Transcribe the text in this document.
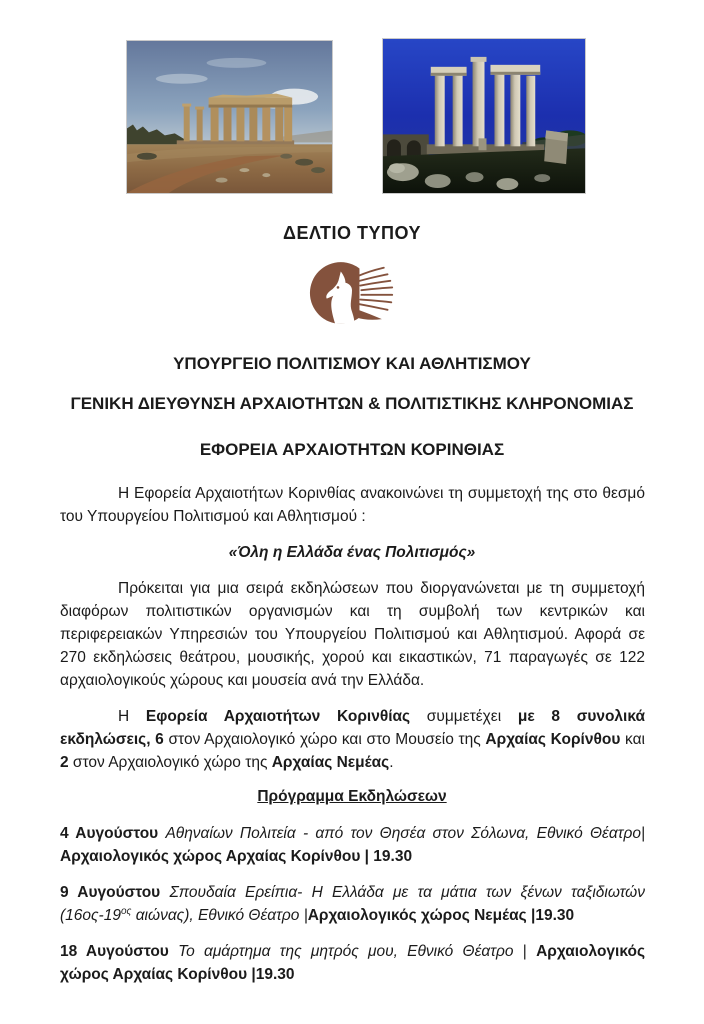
ΔΕΛΤΙΟ ΤΥΠΟΥ
ΥΠΟΥΡΓΕΙΟ ΠΟΛΙΤΙΣΜΟΥ ΚΑΙ ΑΘΛΗΤΙΣΜΟΥ
ΓΕΝΙΚΗ ΔΙΕΥΘΥΝΣΗ ΑΡΧΑΙΟΤΗΤΩΝ & ΠΟΛΙΤΙΣΤΙΚΗΣ ΚΛΗΡΟΝΟΜΙΑΣ
ΕΦΟΡΕΙΑ ΑΡΧΑΙΟΤΗΤΩΝ ΚΟΡΙΝΘΙΑΣ

Η Εφορεία Αρχαιοτήτων Κορινθίας ανακοινώνει τη συμμετοχή της στο θεσμό του Υπουργείου Πολιτισμού και Αθλητισμού :

«Όλη η Ελλάδα ένας Πολιτισμός»

Πρόκειται για μια σειρά εκδηλώσεων που διοργανώνεται με τη συμμετοχή διαφόρων πολιτιστικών οργανισμών και τη συμβολή των κεντρικών και περιφερειακών Υπηρεσιών του Υπουργείου Πολιτισμού και Αθλητισμού. Αφορά σε 270 εκδηλώσεις θεάτρου, μουσικής, χορού και εικαστικών, 71 παραγωγές σε 122 αρχαιολογικούς χώρους και μουσεία ανά την Ελλάδα.

Η Εφορεία Αρχαιοτήτων Κορινθίας συμμετέχει με 8 συνολικά εκδηλώσεις, 6 στον Αρχαιολογικό χώρο και στο Μουσείο της Αρχαίας Κορίνθου και 2 στον Αρχαιολογικό χώρο της Αρχαίας Νεμέας.

Πρόγραμμα Εκδηλώσεων

4 Αυγούστου Αθηναίων Πολιτεία - από τον Θησέα στον Σόλωνα, Εθνικό Θέατρο| Αρχαιολογικός χώρος Αρχαίας Κορίνθου | 19.30

9 Αυγούστου Σπουδαία Ερείπια- Η Ελλάδα με τα μάτια των ξένων ταξιδιωτών ($16o\varsigma-19^{o\varsigma}$ αιώνας), Εθνικό Θέατρο |Αρχαιολογικός χώρος Νεμέας |19.30

18 Αυγούστου Το αμάρτημα της μητρός μου, Εθνικό Θέατρο | Αρχαιολογικός χώρος Αρχαίας Κορίνθου |19.30
